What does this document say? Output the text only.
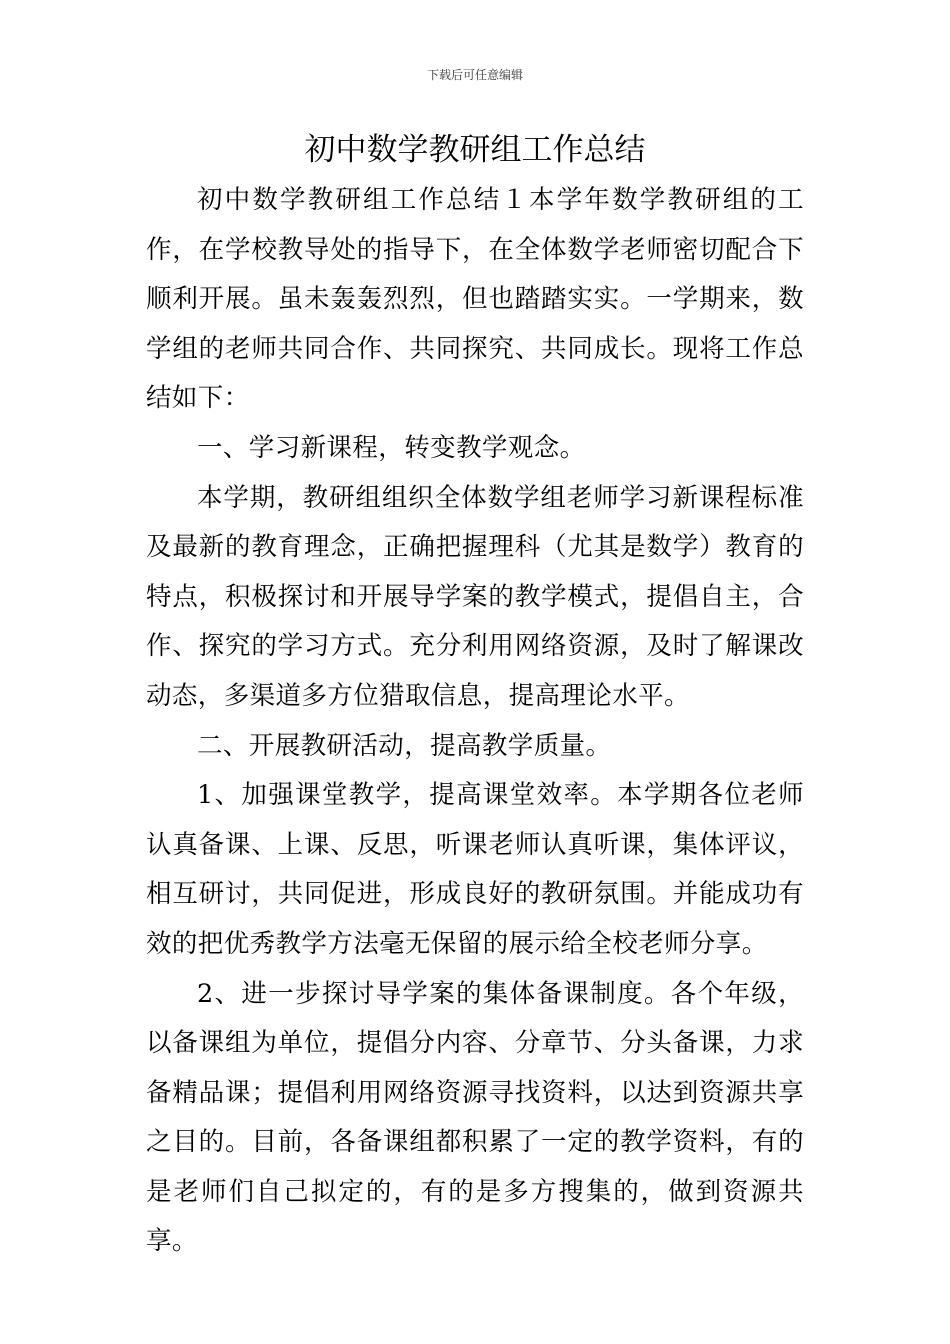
下载后可任意编辑
初中数学教研组工作总结

初中数学教研组工作总结１本学年数学教研组的工作，在学校教导处的指导下，在全体数学老师密切配合下顺利开展。虽未轰轰烈烈，但也踏踏实实。一学期来，数学组的老师共同合作、共同探究、共同成长。现将工作总结如下：

一、学习新课程，转变教学观念。

本学期，教研组组织全体数学组老师学习新课程标准及最新的教育理念，正确把握理科（尤其是数学）教育的特点，积极探讨和开展导学案的教学模式，提倡自主，合作、探究的学习方式。充分利用网络资源，及时了解课改动态，多渠道多方位猎取信息，提高理论水平。

二、开展教研活动，提高教学质量。

1、加强课堂教学，提高课堂效率。本学期各位老师认真备课、上课、反思，听课老师认真听课，集体评议，相互研讨，共同促进，形成良好的教研氛围。并能成功有效的把优秀教学方法毫无保留的展示给全校老师分享。

2、进一步探讨导学案的集体备课制度。各个年级，以备课组为单位，提倡分内容、分章节、分头备课，力求备精品课；提倡利用网络资源寻找资料，以达到资源共享之目的。目前，各备课组都积累了一定的教学资料，有的是老师们自己拟定的，有的是多方搜集的，做到资源共享。
